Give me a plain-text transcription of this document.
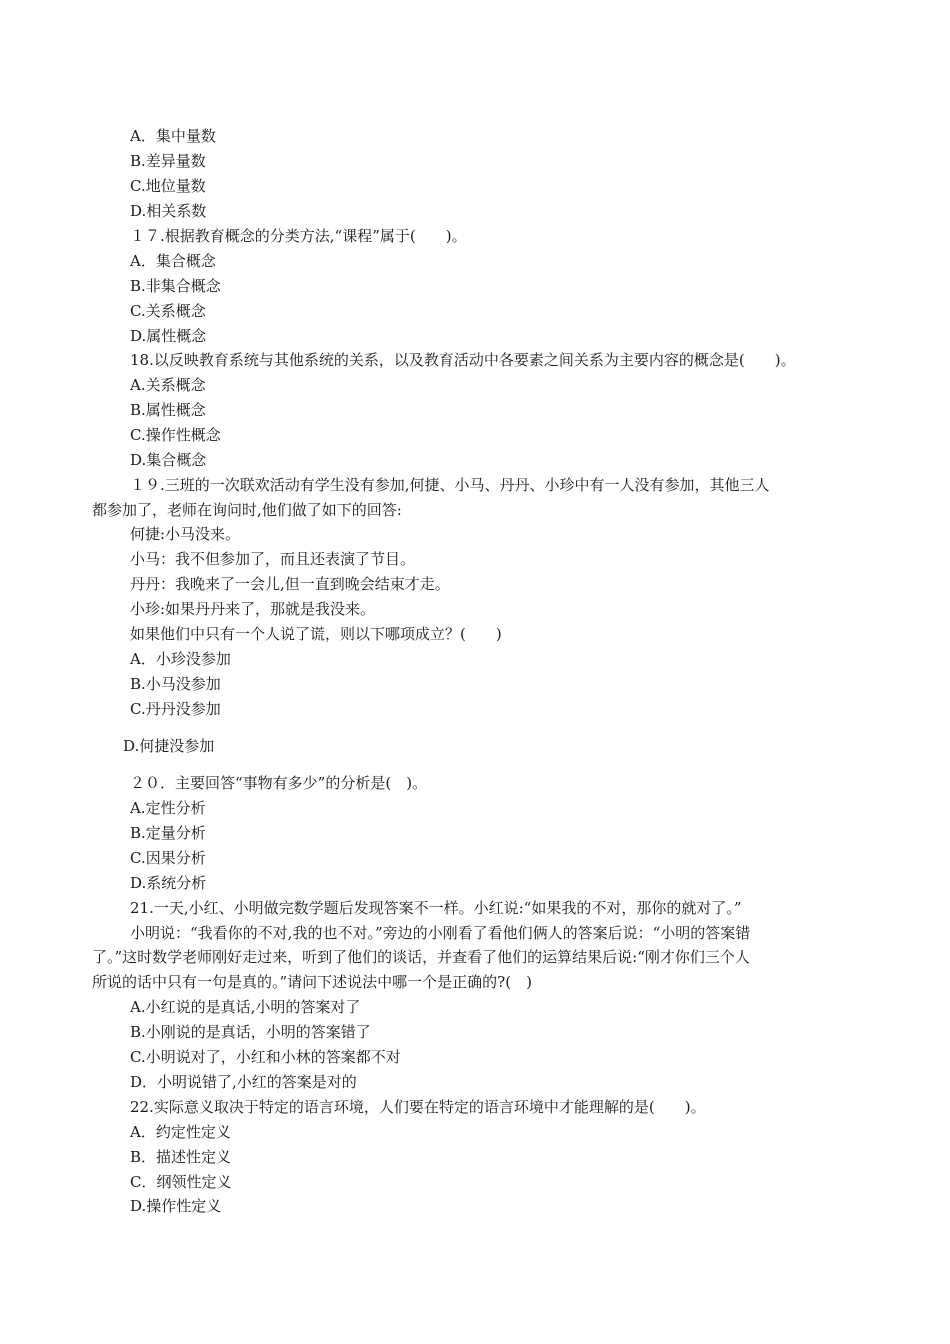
A．集中量数
B.差异量数
C.地位量数
D.相关系数
１７.根据教育概念的分类方法,“课程”属于(　　)。
A．集合概念
B.非集合概念
C.关系概念
D.属性概念
18.以反映教育系统与其他系统的关系，以及教育活动中各要素之间关系为主要内容的概念是(　　)。
A.关系概念
B.属性概念
C.操作性概念
D.集合概念
１９.三班的一次联欢活动有学生没有参加,何捷、小马、丹丹、小珍中有一人没有参加，其他三人
都参加了，老师在询问时,他们做了如下的回答:
何捷:小马没来。
小马：我不但参加了，而且还表演了节目。
丹丹：我晚来了一会儿,但一直到晚会结束才走。
小珍:如果丹丹来了，那就是我没来。
如果他们中只有一个人说了谎，则以下哪项成立？(　　)
A．小珍没参加
B.小马没参加
C.丹丹没参加
D.何捷没参加
２０．主要回答“事物有多少”的分析是(　)。
A.定性分析
B.定量分析
C.因果分析
D.系统分析
21.一天,小红、小明做完数学题后发现答案不一样。小红说:“如果我的不对，那你的就对了。”
小明说：“我看你的不对,我的也不对。”旁边的小刚看了看他们俩人的答案后说：“小明的答案错
了。”这时数学老师刚好走过来，听到了他们的谈话，并查看了他们的运算结果后说:“刚才你们三个人
所说的话中只有一句是真的。”请问下述说法中哪一个是正确的?(　)
A.小红说的是真话,小明的答案对了
B.小刚说的是真话，小明的答案错了
C.小明说对了，小红和小林的答案都不对
D．小明说错了,小红的答案是对的
22.实际意义取决于特定的语言环境，人们要在特定的语言环境中才能理解的是(　　)。
A．约定性定义
B．描述性定义
C．纲领性定义
D.操作性定义
